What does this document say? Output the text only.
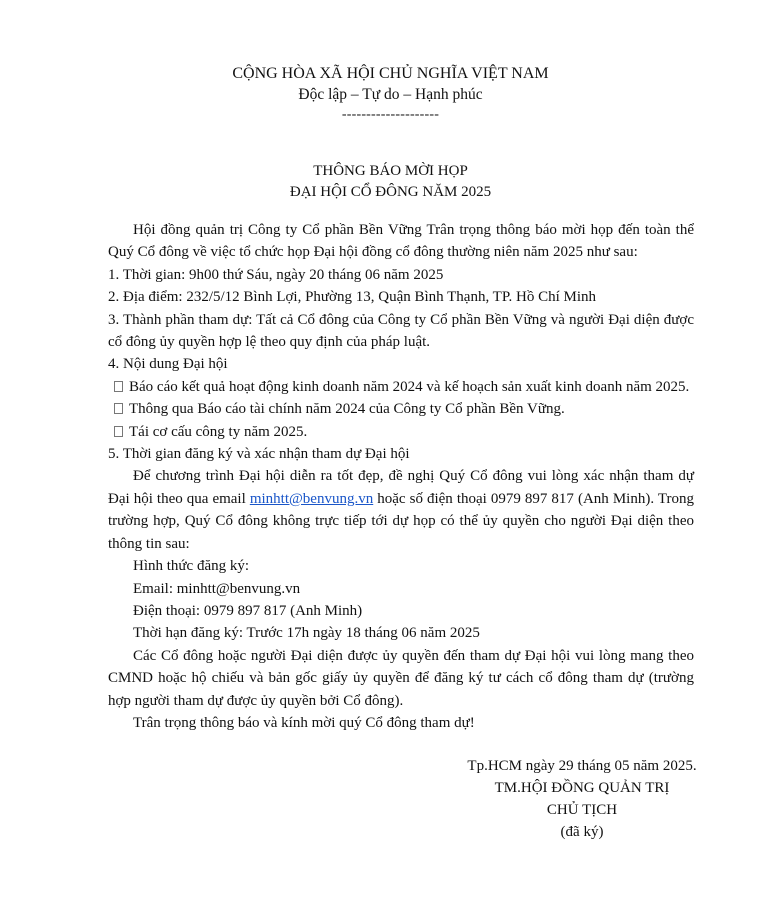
CỘNG HÒA XÃ HỘI CHỦ NGHĨA VIỆT NAM
Độc lập – Tự do – Hạnh phúc
--------------------
THÔNG BÁO MỜI HỌP
ĐẠI HỘI CỔ ĐÔNG NĂM 2025

Hội đồng quản trị Công ty Cổ phần Bền Vững Trân trọng thông báo mời họp đến toàn thể Quý Cổ đông về việc tổ chức họp Đại hội đồng cổ đông thường niên năm 2025 như sau:

1. Thời gian: 9h00 thứ Sáu, ngày 20 tháng 06 năm 2025

2. Địa điểm: 232/5/12 Bình Lợi, Phường 13, Quận Bình Thạnh, TP. Hồ Chí Minh

3. Thành phần tham dự: Tất cả Cổ đông của Công ty Cổ phần Bền Vững và người Đại diện được cổ đông ủy quyền hợp lệ theo quy định của pháp luật.

4. Nội dung Đại hội

Báo cáo kết quả hoạt động kinh doanh năm 2024 và kế hoạch sản xuất kinh doanh năm 2025.

Thông qua Báo cáo tài chính năm 2024 của Công ty Cổ phần Bền Vững.

Tái cơ cấu công ty năm 2025.

5. Thời gian đăng ký và xác nhận tham dự Đại hội

Để chương trình Đại hội diễn ra tốt đẹp, đề nghị Quý Cổ đông vui lòng xác nhận tham dự Đại hội theo qua email minhtt@benvung.vn hoặc số điện thoại 0979 897 817 (Anh Minh). Trong trường hợp, Quý Cổ đông không trực tiếp tới dự họp có thể ủy quyền cho người Đại diện theo thông tin sau:

Hình thức đăng ký:

Email: minhtt@benvung.vn

Điện thoại: 0979 897 817 (Anh Minh)

Thời hạn đăng ký: Trước 17h ngày 18 tháng 06 năm 2025

Các Cổ đông hoặc người Đại diện được ủy quyền đến tham dự Đại hội vui lòng mang theo CMND hoặc hộ chiếu và bản gốc giấy ủy quyền để đăng ký tư cách cổ đông tham dự (trường hợp người tham dự được ủy quyền bởi Cổ đông).

Trân trọng thông báo và kính mời quý Cổ đông tham dự!

Tp.HCM ngày 29 tháng 05 năm 2025.
TM.HỘI ĐỒNG QUẢN TRỊ
CHỦ TỊCH
(đã ký)
